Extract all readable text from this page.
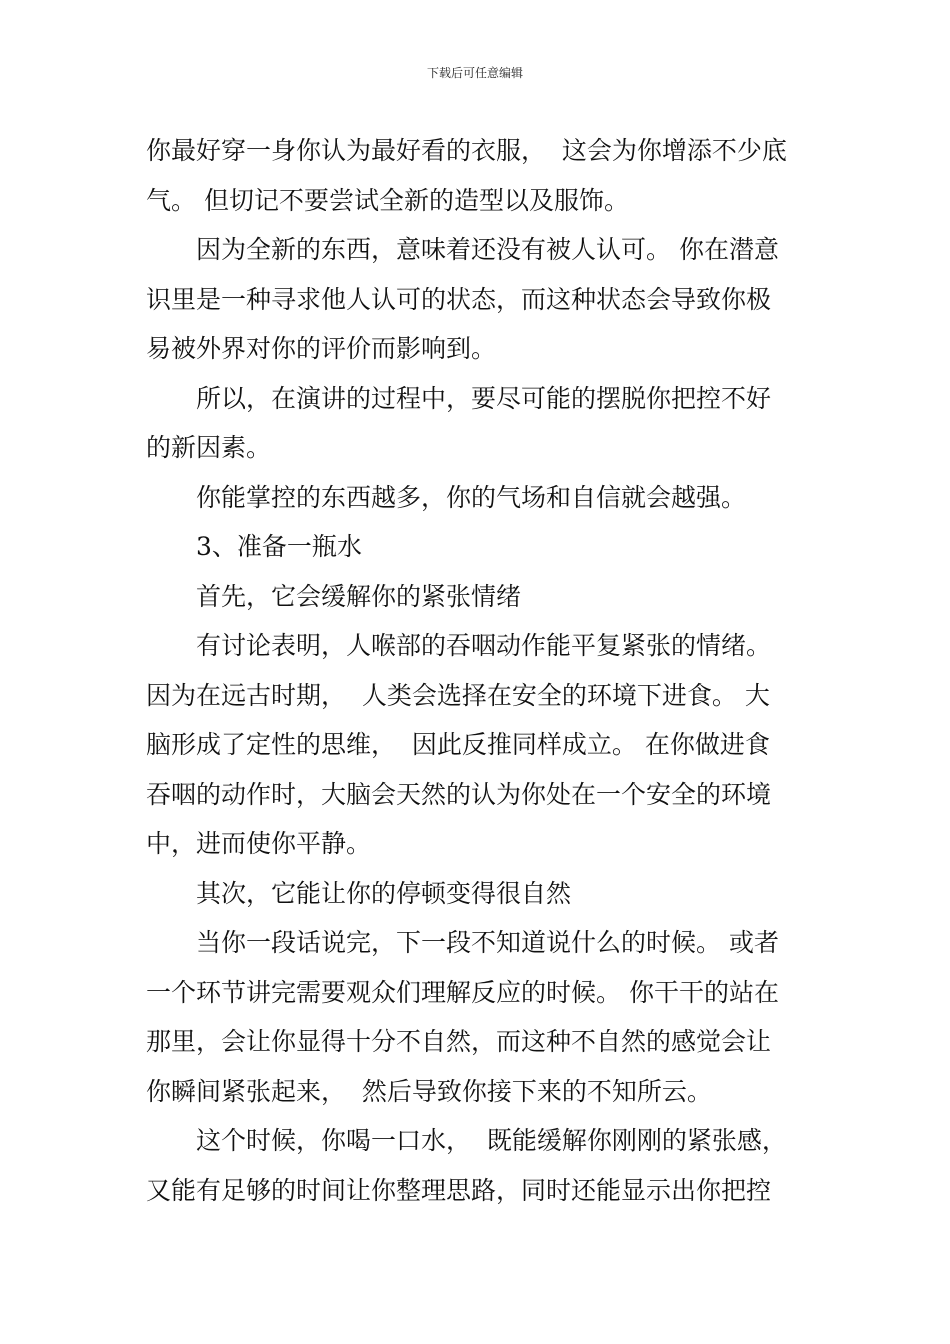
下载后可任意编辑
你最好穿一身你认为最好看的衣服，  这会为你增添不少底
气。 但切记不要尝试全新的造型以及服饰。
因为全新的东西，意味着还没有被人认可。 你在潜意
识里是一种寻求他人认可的状态，而这种状态会导致你极
易被外界对你的评价而影响到。
所以，在演讲的过程中，要尽可能的摆脱你把控不好
的新因素。
你能掌控的东西越多，你的气场和自信就会越强。
3、准备一瓶水
首先，它会缓解你的紧张情绪
有讨论表明，人喉部的吞咽动作能平复紧张的情绪。
因为在远古时期，  人类会选择在安全的环境下进食。 大
脑形成了定性的思维，  因此反推同样成立。 在你做进食
吞咽的动作时，大脑会天然的认为你处在一个安全的环境
中，进而使你平静。
其次，它能让你的停顿变得很自然
当你一段话说完，下一段不知道说什么的时候。 或者
一个环节讲完需要观众们理解反应的时候。 你干干的站在
那里，会让你显得十分不自然，而这种不自然的感觉会让
你瞬间紧张起来，  然后导致你接下来的不知所云。
这个时候，你喝一口水，  既能缓解你刚刚的紧张感，
又能有足够的时间让你整理思路，同时还能显示出你把控
